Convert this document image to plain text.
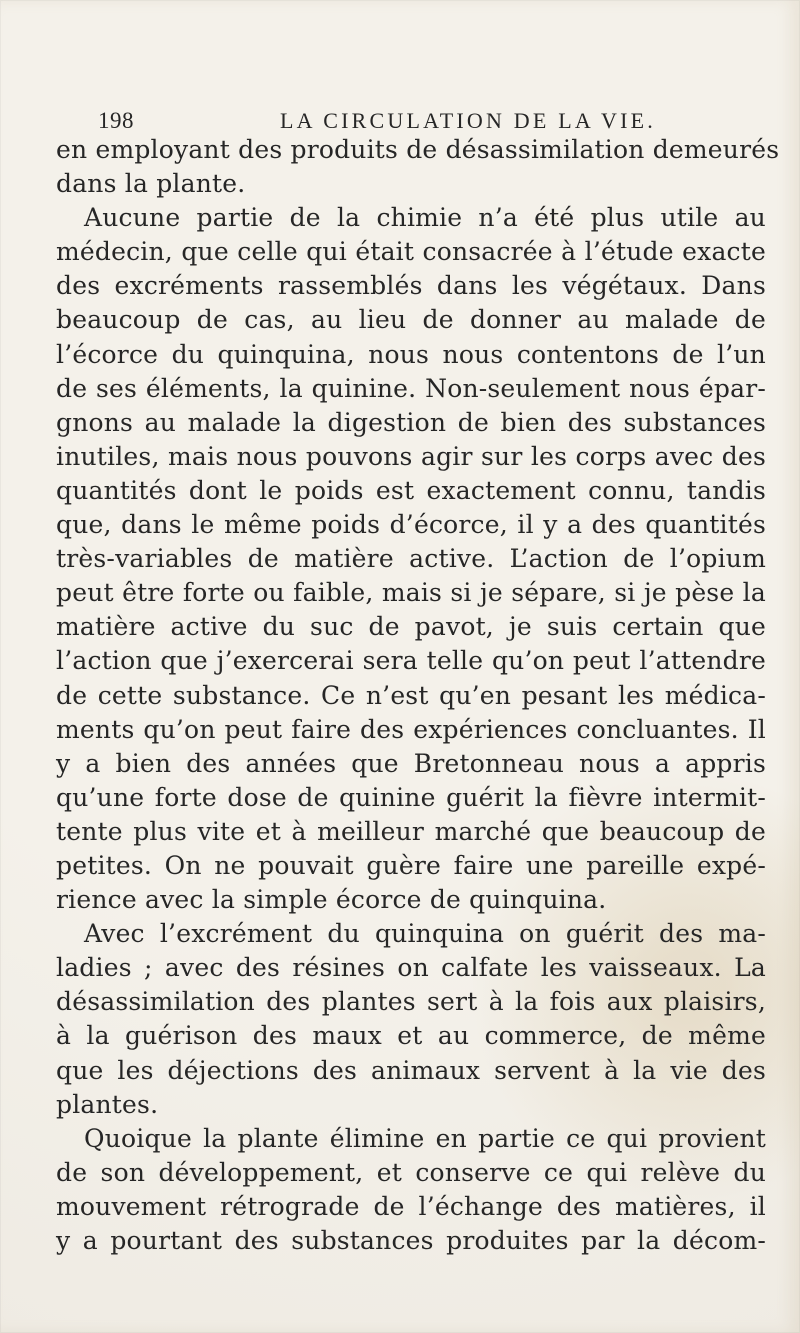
198	LA CIRCULATION DE LA VIE.
en employant des produits de désassimilation demeurés
dans la plante.
Aucune partie de la chimie n’a été plus utile au
médecin, que celle qui était consacrée à l’étude exacte
des excréments rassemblés dans les végétaux. Dans
beaucoup de cas, au lieu de donner au malade de
l’écorce du quinquina, nous nous contentons de l’un
de ses éléments, la quinine. Non-seulement nous épar-
gnons au malade la digestion de bien des substances
inutiles, mais nous pouvons agir sur les corps avec des
quantités dont le poids est exactement connu, tandis
que, dans le même poids d’écorce, il y a des quantités
très-variables de matière active. L’action de l’opium
peut être forte ou faible, mais si je sépare, si je pèse la
matière active du suc de pavot, je suis certain que
l’action que j’exercerai sera telle qu’on peut l’attendre
de cette substance. Ce n’est qu’en pesant les médica-
ments qu’on peut faire des expériences concluantes. Il
y a bien des années que Bretonneau nous a appris
qu’une forte dose de quinine guérit la fièvre intermit-
tente plus vite et à meilleur marché que beaucoup de
petites. On ne pouvait guère faire une pareille expé-
rience avec la simple écorce de quinquina.
Avec l’excrément du quinquina on guérit des ma-
ladies ; avec des résines on calfate les vaisseaux. La
désassimilation des plantes sert à la fois aux plaisirs,
à la guérison des maux et au commerce, de même
que les déjections des animaux servent à la vie des
plantes.
Quoique la plante élimine en partie ce qui provient
de son développement, et conserve ce qui relève du
mouvement rétrograde de l’échange des matières, il
y a pourtant des substances produites par la décom-
